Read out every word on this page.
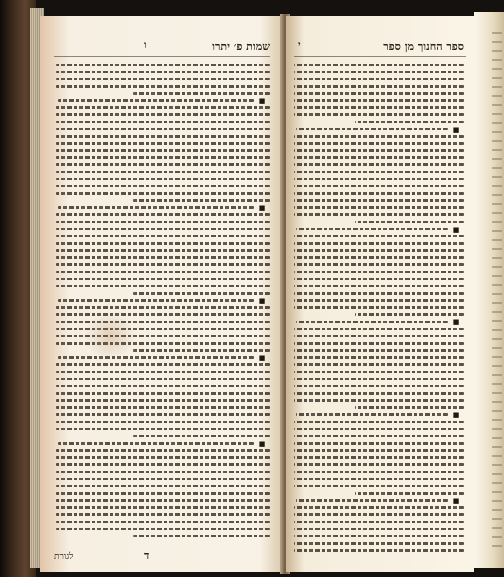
שמות פ׳ יתרו
ו
■
■
■
■
■
ד
לגורת
ספר החנוך מן ספר
י
■
■
■
■
■
